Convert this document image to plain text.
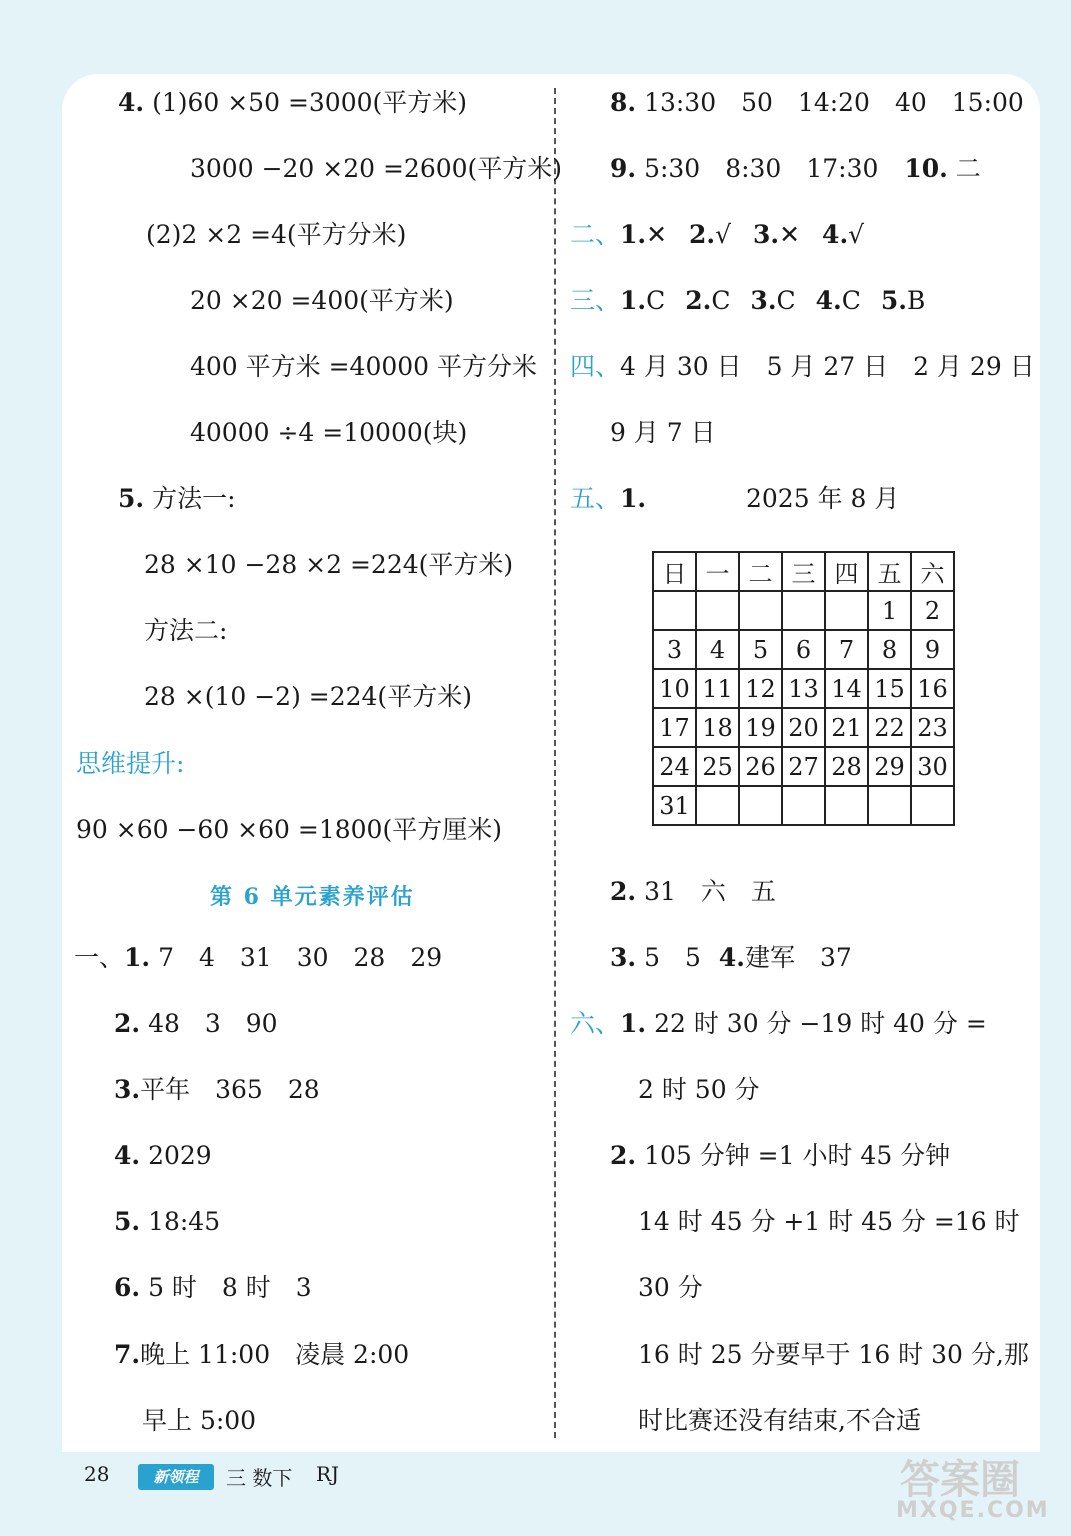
4. (1)60 ×50 =3000(平方米)
3000 −20 ×20 =2600(平方米)
(2)2 ×2 =4(平方分米)
20 ×20 =400(平方米)
400 平方米 =40000 平方分米
40000 ÷4 =10000(块)
5. 方法一:
28 ×10 −28 ×2 =224(平方米)
方法二:
28 ×(10 −2) =224(平方米)
思维提升:
90 ×60 −60 ×60 =1800(平方厘米)
第 6 单元素养评估
一、1. 7　4　31　30　28　29
2. 48　3　90
3.平年　365　28
4. 2029
5. 18:45
6. 5 时　8 时　3
7.晚上 11:00　凌晨 2:00
早上 5:00
8. 13:30　50　14:20　40　15:00
9. 5:30　8:30　17:30 10. 二
二、1.✕ 2.√ 3.✕ 4.√
三、1.C 2.C 3.C 4.C 5.B
四、4 月 30 日　5 月 27 日　2 月 29 日
9 月 7 日
五、1.	2025 年 8 月
日	一	二	三	四	五	六
					1	2
3	4	5	6	7	8	9
10	11	12	13	14	15	16
17	18	19	20	21	22	23
24	25	26	27	28	29	30
31						
2. 31　六　五
3. 5　5 4.建军　37
六、1. 22 时 30 分 −19 时 40 分 =
2 时 50 分
2. 105 分钟 =1 小时 45 分钟
14 时 45 分 +1 时 45 分 =16 时
30 分
16 时 25 分要早于 16 时 30 分,那
时比赛还没有结束,不合适
28	新领程	三 数下 RJ	答案圈
MXQE.COM
